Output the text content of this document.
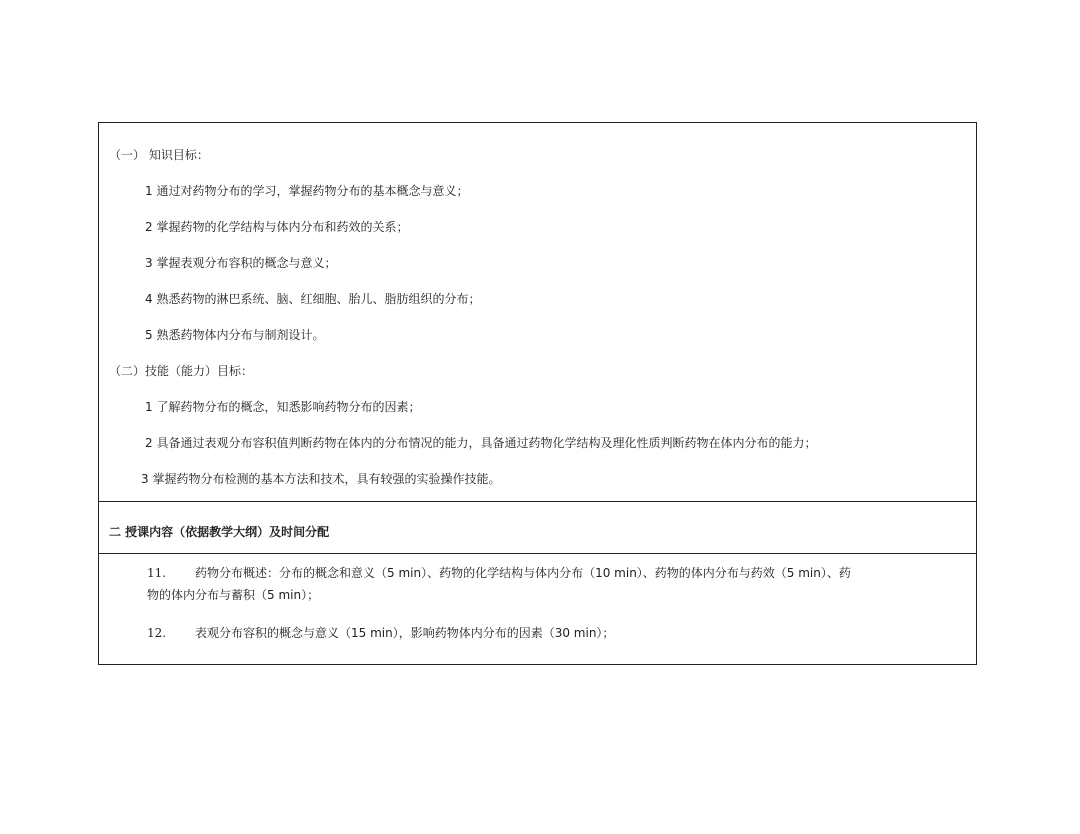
（一） 知识目标：
1 通过对药物分布的学习，掌握药物分布的基本概念与意义；
2 掌握药物的化学结构与体内分布和药效的关系；
3 掌握表观分布容积的概念与意义；
4 熟悉药物的淋巴系统、脑、红细胞、胎儿、脂肪组织的分布；
5 熟悉药物体内分布与制剂设计。
（二）技能（能力）目标：
1 了解药物分布的概念，知悉影响药物分布的因素；
2 具备通过表观分布容积值判断药物在体内的分布情况的能力，具备通过药物化学结构及理化性质判断药物在体内分布的能力；
3 掌握药物分布检测的基本方法和技术，具有较强的实验操作技能。
二 授课内容（依据教学大纲）及时间分配
11. 药物分布概述：分布的概念和意义（5 min）、药物的化学结构与体内分布（10 min）、药物的体内分布与药效（5 min）、药
物的体内分布与蓄积（5 min）；
12. 表观分布容积的概念与意义（15 min），影响药物体内分布的因素（30 min）；
